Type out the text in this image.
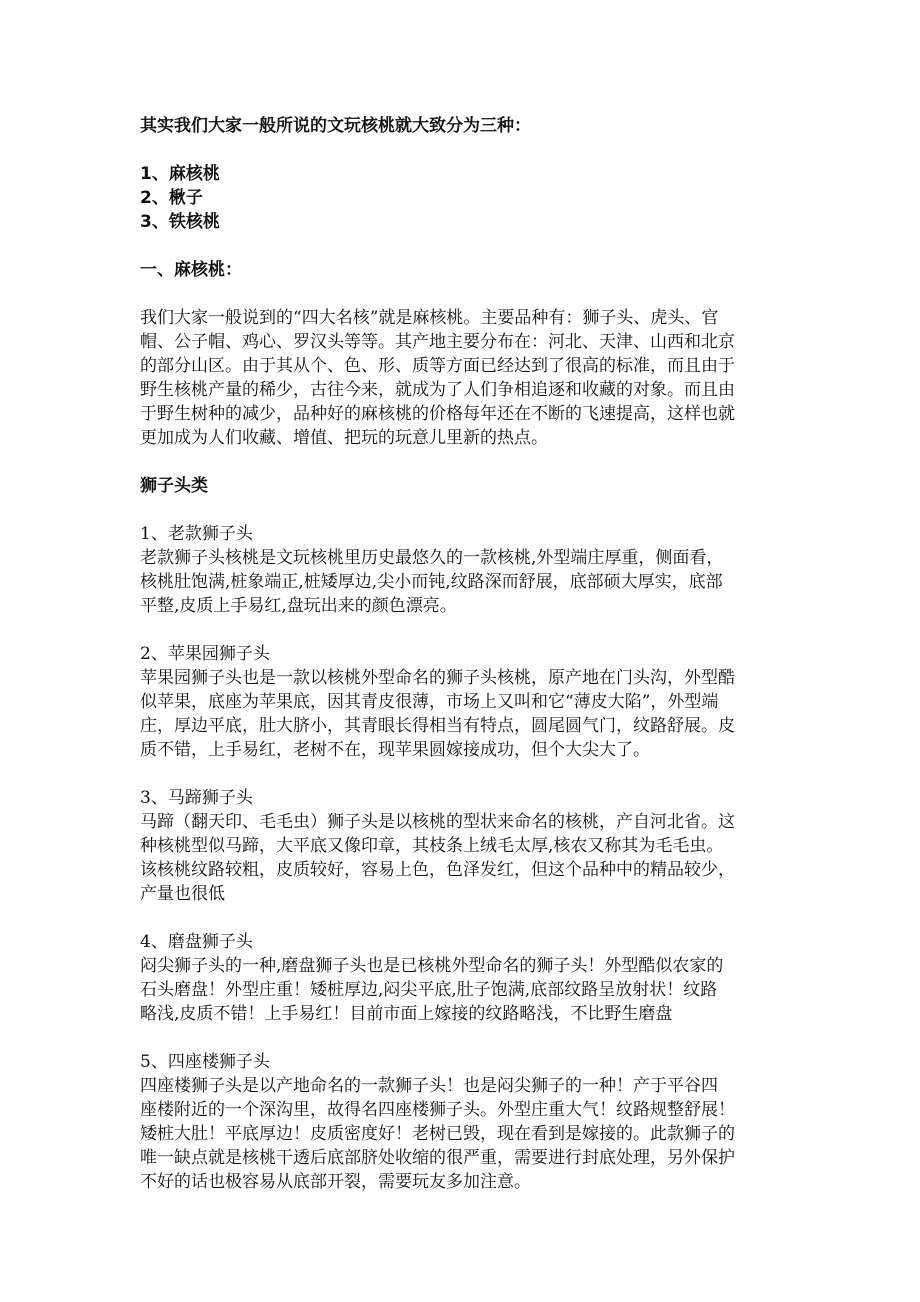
其实我们大家一般所说的文玩核桃就大致分为三种：
1、麻核桃
2、楸子
3、铁核桃
一、麻核桃：
我们大家一般说到的“四大名核”就是麻核桃。主要品种有：狮子头、虎头、官
帽、公子帽、鸡心、罗汉头等等。其产地主要分布在：河北、天津、山西和北京
的部分山区。由于其从个、色、形、质等方面已经达到了很高的标准，而且由于
野生核桃产量的稀少，古往今来，就成为了人们争相追逐和收藏的对象。而且由
于野生树种的减少，品种好的麻核桃的价格每年还在不断的飞速提高，这样也就
更加成为人们收藏、增值、把玩的玩意儿里新的热点。
狮子头类
1、老款狮子头
老款狮子头核桃是文玩核桃里历史最悠久的一款核桃,外型端庄厚重，侧面看，
核桃肚饱满,桩象端正,桩矮厚边,尖小而钝,纹路深而舒展，底部硕大厚实，底部
平整,皮质上手易红,盘玩出来的颜色漂亮。
2、苹果园狮子头
苹果园狮子头也是一款以核桃外型命名的狮子头核桃，原产地在门头沟，外型酷
似苹果，底座为苹果底，因其青皮很薄，市场上又叫和它“薄皮大陷”，外型端
庄，厚边平底，肚大脐小，其青眼长得相当有特点，圆尾圆气门，纹路舒展。皮
质不错，上手易红，老树不在，现苹果圆嫁接成功，但个大尖大了。
3、马蹄狮子头
马蹄（翻天印、毛毛虫）狮子头是以核桃的型状来命名的核桃，产自河北省。这
种核桃型似马蹄，大平底又像印章，其枝条上绒毛太厚,核农又称其为毛毛虫。
该核桃纹路较粗，皮质较好，容易上色，色泽发红，但这个品种中的精品较少，
产量也很低
4、磨盘狮子头
闷尖狮子头的一种,磨盘狮子头也是已核桃外型命名的狮子头！外型酷似农家的
石头磨盘！外型庄重！矮桩厚边,闷尖平底,肚子饱满,底部纹路呈放射状！纹路
略浅,皮质不错！上手易红！目前市面上嫁接的纹路略浅，不比野生磨盘
5、四座楼狮子头
四座楼狮子头是以产地命名的一款狮子头！也是闷尖狮子的一种！产于平谷四
座楼附近的一个深沟里，故得名四座楼狮子头。外型庄重大气！纹路规整舒展！
矮桩大肚！平底厚边！皮质密度好！老树已毁，现在看到是嫁接的。此款狮子的
唯一缺点就是核桃干透后底部脐处收缩的很严重，需要进行封底处理，另外保护
不好的话也极容易从底部开裂，需要玩友多加注意。
